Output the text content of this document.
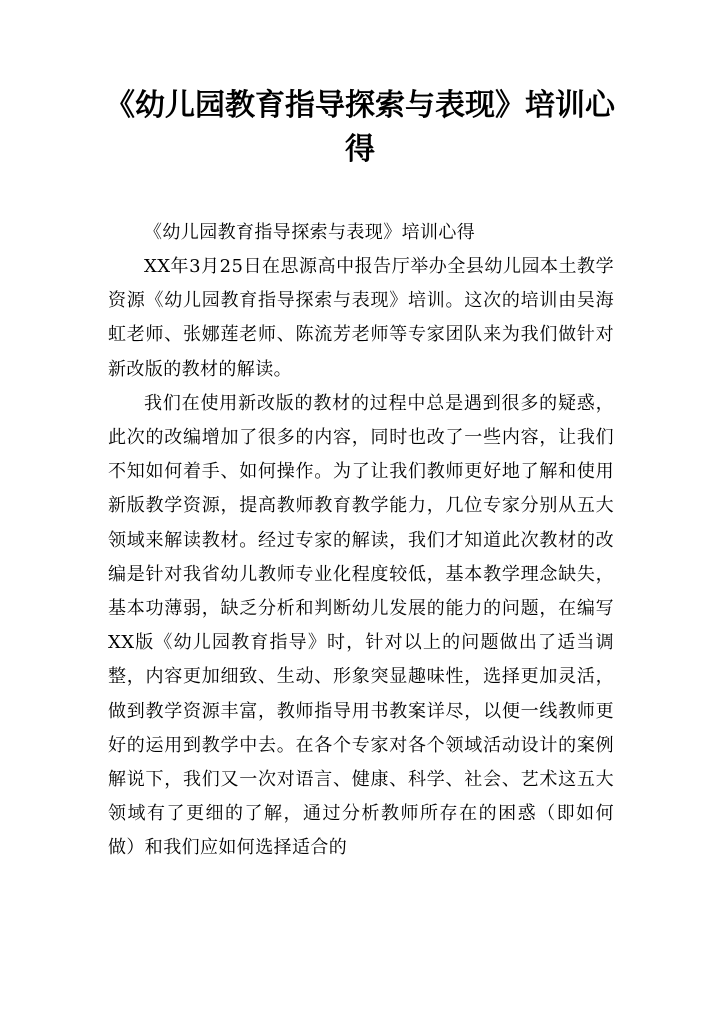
《幼儿园教育指导探索与表现》培训心得

《幼儿园教育指导探索与表现》培训心得

XX年3月25日在思源高中报告厅举办全县幼儿园本土教学资源《幼儿园教育指导探索与表现》培训。这次的培训由吴海虹老师、张娜莲老师、陈流芳老师等专家团队来为我们做针对新改版的教材的解读。

我们在使用新改版的教材的过程中总是遇到很多的疑惑，此次的改编增加了很多的内容，同时也改了一些内容，让我们不知如何着手、如何操作。为了让我们教师更好地了解和使用新版教学资源，提高教师教育教学能力，几位专家分别从五大领域来解读教材。经过专家的解读，我们才知道此次教材的改编是针对我省幼儿教师专业化程度较低，基本教学理念缺失，基本功薄弱，缺乏分析和判断幼儿发展的能力的问题，在编写XX版《幼儿园教育指导》时，针对以上的问题做出了适当调整，内容更加细致、生动、形象突显趣味性，选择更加灵活，做到教学资源丰富，教师指导用书教案详尽，以便一线教师更好的运用到教学中去。在各个专家对各个领域活动设计的案例解说下，我们又一次对语言、健康、科学、社会、艺术这五大领域有了更细的了解，通过分析教师所存在的困惑（即如何做）和我们应如何选择适合的
